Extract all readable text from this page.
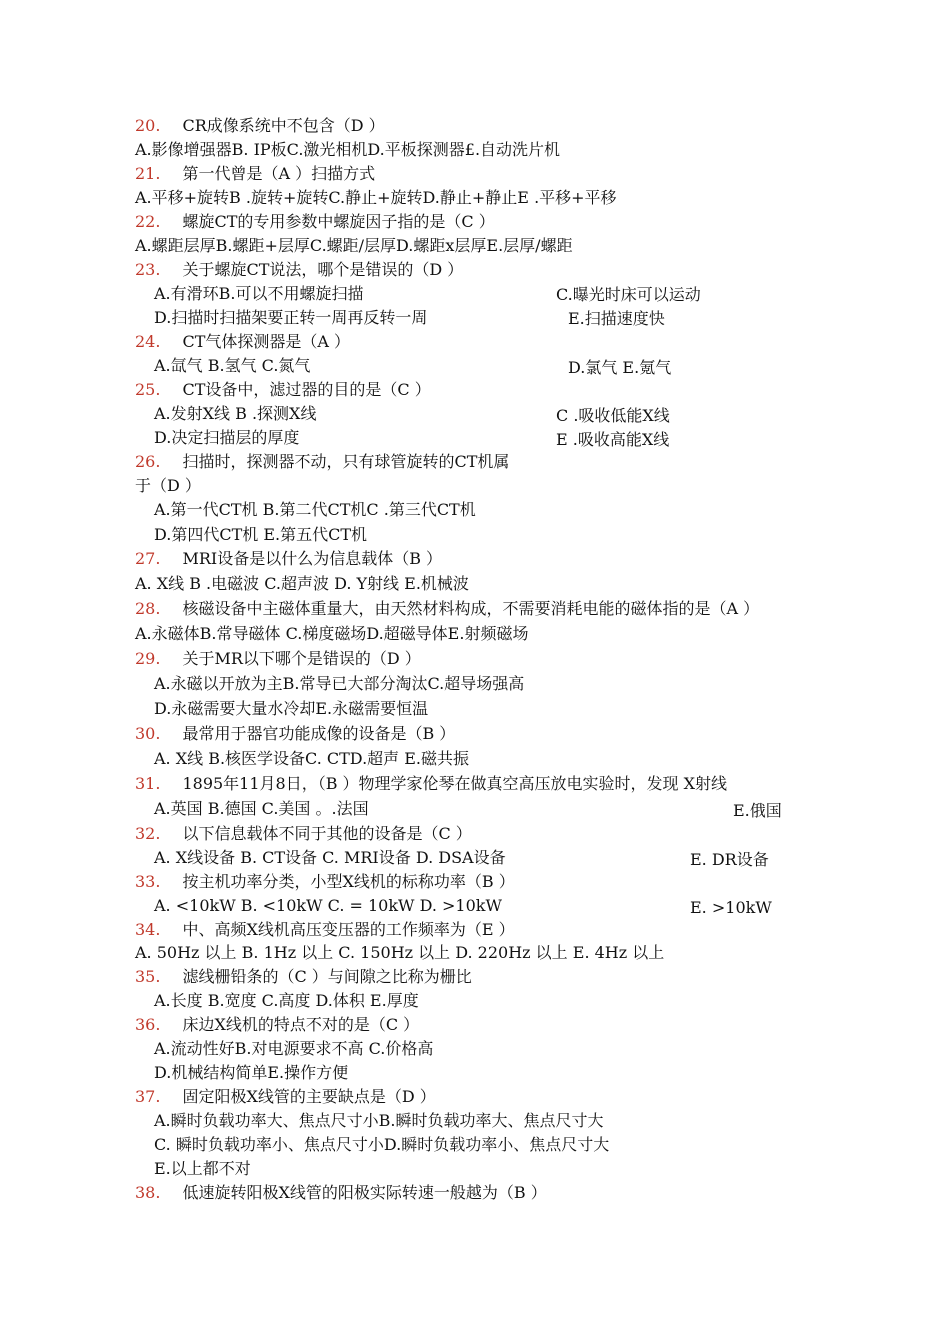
20. CR成像系统中不包含（D ）
A.影像增强器B. IP板C.激光相机D.平板探测器£.自动洗片机
21. 第一代曾是（A ）扫描方式
A.平移+旋转B .旋转+旋转C.静止+旋转D.静止+静止E .平移+平移
22. 螺旋CT的专用参数中螺旋因子指的是（C ）
A.螺距层厚B.螺距+层厚C.螺距/层厚D.螺距x层厚E.层厚/螺距
23. 关于螺旋CT说法，哪个是错误的（D ）
A.有滑环B.可以不用螺旋扫描	C.曝光时床可以运动
D.扫描时扫描架要正转一周再反转一周	E.扫描速度快
24. CT气体探测器是（A ）
A.氙气 B.氢气 C.氮气	D.氯气 E.氪气
25. CT设备中，滤过器的目的是（C ）
A.发射X线 B .探测X线	C .吸收低能X线
D.决定扫描层的厚度	E .吸收高能X线
26. 扫描时，探测器不动，只有球管旋转的CT机属
于（D ）
A.第一代CT机 B.第二代CT机C .第三代CT机
D.第四代CT机 E.第五代CT机
27. MRI设备是以什么为信息载体（B ）
A. X线 B .电磁波 C.超声波 D. Y射线 E.机械波
28. 核磁设备中主磁体重量大，由天然材料构成，不需要消耗电能的磁体指的是（A ）
A.永磁体B.常导磁体 C.梯度磁场D.超磁导体E.射频磁场
29. 关于MR以下哪个是错误的（D ）
A.永磁以开放为主B.常导已大部分淘汰C.超导场强高
D.永磁需要大量水冷却E.永磁需要恒温
30. 最常用于器官功能成像的设备是（B ）
A. X线 B.核医学设备C. CTD.超声 E.磁共振
31. 1895年11月8日，（B ）物理学家伦琴在做真空高压放电实验时，发现 X射线
A.英国 B.德国 C.美国 。.法国	E.俄国
32. 以下信息载体不同于其他的设备是（C ）
A. X线设备 B. CT设备 C. MRI设备 D. DSA设备	E. DR设备
33. 按主机功率分类，小型X线机的标称功率（B ）
A. <10kW B. <10kW C. = 10kW D. >10kW	E. >10kW
34. 中、高频X线机高压变压器的工作频率为（E ）
A. 50Hz 以上 B. 1Hz 以上 C. 150Hz 以上 D. 220Hz 以上 E. 4Hz 以上
35. 滤线栅铅条的（C ）与间隙之比称为栅比
A.长度 B.宽度 C.高度 D.体积 E.厚度
36. 床边X线机的特点不对的是（C ）
A.流动性好B.对电源要求不高 C.价格高
D.机械结构简单E.操作方便
37. 固定阳极X线管的主要缺点是（D ）
A.瞬时负载功率大、焦点尺寸小B.瞬时负载功率大、焦点尺寸大
C. 瞬时负载功率小、焦点尺寸小D.瞬时负载功率小、焦点尺寸大
E.以上都不对
38. 低速旋转阳极X线管的阳极实际转速一般越为（B ）
